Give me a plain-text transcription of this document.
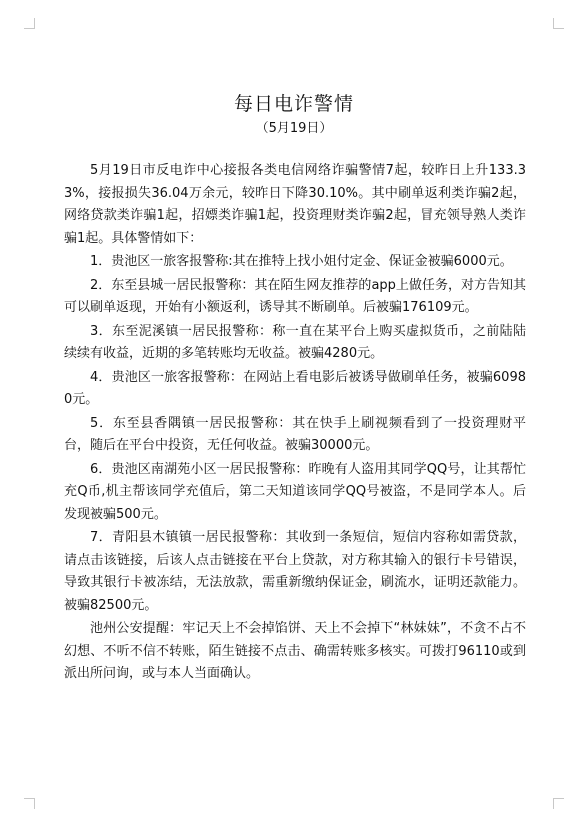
每日电诈警情
（5月19日）

5月19日市反电诈中心接报各类电信网络诈骗警情7起，较昨日上升133.33%，接报损失36.04万余元，较昨日下降30.10%。其中刷单返利类诈骗2起，网络贷款类诈骗1起，招嫖类诈骗1起，投资理财类诈骗2起，冒充领导熟人类诈骗1起。具体警情如下：

1．贵池区一旅客报警称:其在推特上找小姐付定金、保证金被骗6000元。

2．东至县城一居民报警称：其在陌生网友推荐的app上做任务，对方告知其可以刷单返现，开始有小额返利，诱导其不断刷单。后被骗176109元。

3．东至泥溪镇一居民报警称：称一直在某平台上购买虚拟货币，之前陆陆续续有收益，近期的多笔转账均无收益。被骗4280元。

4．贵池区一旅客报警称：在网站上看电影后被诱导做刷单任务，被骗60980元。

5．东至县香隅镇一居民报警称：其在快手上刷视频看到了一投资理财平台，随后在平台中投资，无任何收益。被骗30000元。

6．贵池区南湖苑小区一居民报警称：昨晚有人盗用其同学QQ号，让其帮忙充Q币,机主帮该同学充值后，第二天知道该同学QQ号被盗，不是同学本人。后发现被骗500元。

7．青阳县木镇镇一居民报警称：其收到一条短信，短信内容称如需贷款，请点击该链接，后该人点击链接在平台上贷款，对方称其输入的银行卡号错误，导致其银行卡被冻结，无法放款，需重新缴纳保证金，刷流水，证明还款能力。被骗82500元。

池州公安提醒：牢记天上不会掉馅饼、天上不会掉下“林妹妹”，不贪不占不幻想、不听不信不转账，陌生链接不点击、确需转账多核实。可拨打96110或到派出所问询，或与本人当面确认。
